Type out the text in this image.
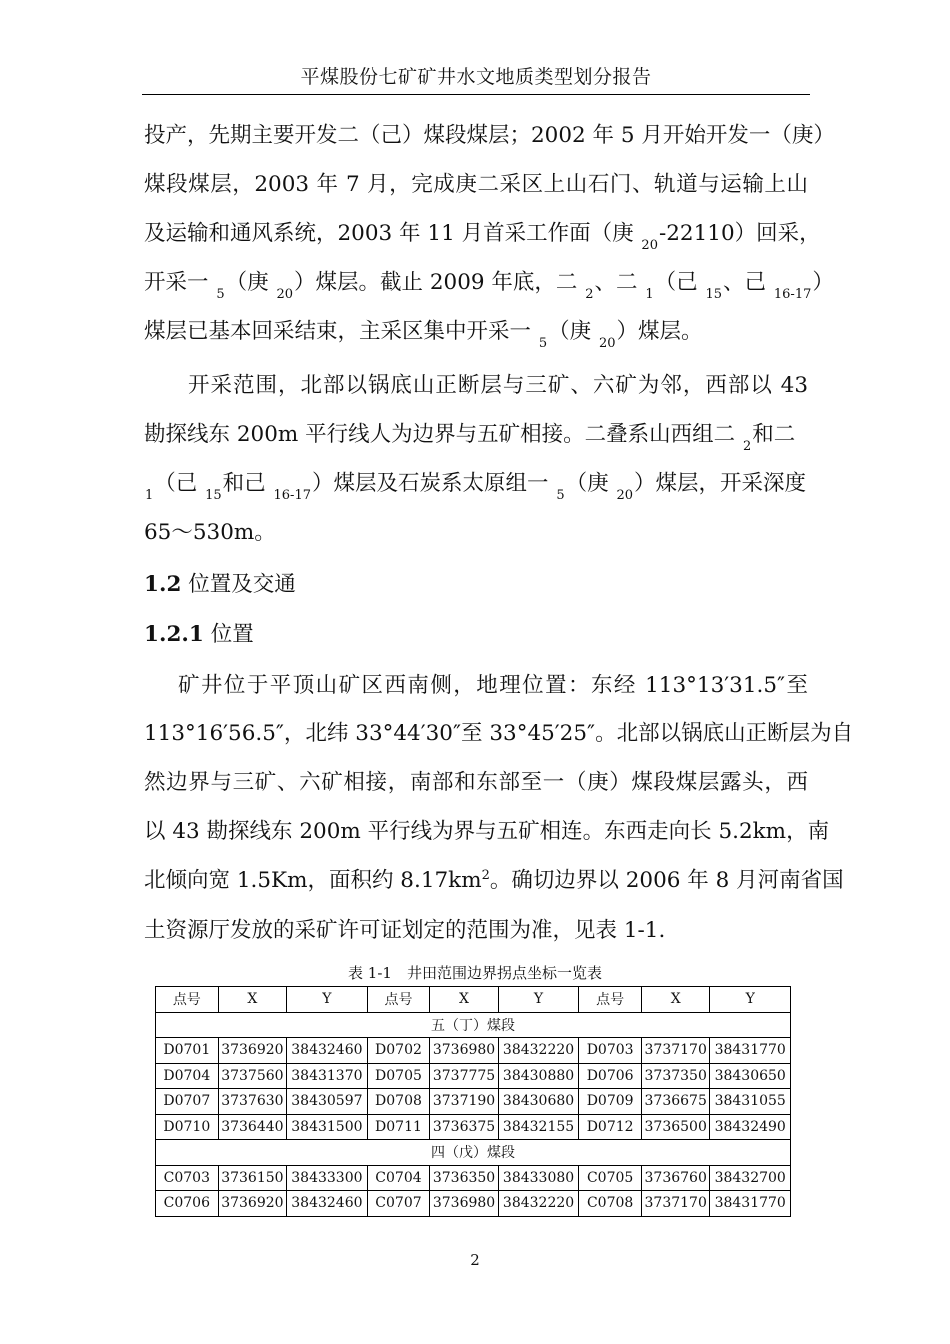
平煤股份七矿矿井水文地质类型划分报告
投产，先期主要开发二（己）煤段煤层；2002 年 5 月开始开发一（庚）
煤段煤层，2003 年 7 月，完成庚二采区上山石门、轨道与运输上山
及运输和通风系统，2003 年 11 月首采工作面（庚 $_{20}$-22110）回采，
开采一 $_5$（庚 $_{20}$）煤层。截止 2009 年底，二 $_2$、二 $_1$（己 $_{15}$、己 $_{16-17}$）
煤层已基本回采结束，主采区集中开采一 $_5$（庚 $_{20}$）煤层。
开采范围，北部以锅底山正断层与三矿、六矿为邻，西部以 43
勘探线东 200m 平行线人为边界与五矿相接。二叠系山西组二 $_2$和二
$_1$（己 $_{15}$和己 $_{16-17}$）煤层及石炭系太原组一 $_5$（庚 $_{20}$）煤层，开采深度
65～530m。
1.2 位置及交通
1.2.1 位置
矿井位于平顶山矿区西南侧，地理位置：东经 113°13′31.5″至
113°16′56.5″，北纬 33°44′30″至 33°45′25″。北部以锅底山正断层为自
然边界与三矿、六矿相接，南部和东部至一（庚）煤段煤层露头，西
以 43 勘探线东 200m 平行线为界与五矿相连。东西走向长 5.2km，南
北倾向宽 1.5Km，面积约 $8.17km^2$。确切边界以 2006 年 8 月河南省国
土资源厅发放的采矿许可证划定的范围为准，见表 1-1.
表 1-1　井田范围边界拐点坐标一览表
点号	X	Y	点号	X	Y	点号	X	Y
五（丁）煤段								
D0701	3736920	38432460	D0702	3736980	38432220	D0703	3737170	38431770
D0704	3737560	38431370	D0705	3737775	38430880	D0706	3737350	38430650
D0707	3737630	38430597	D0708	3737190	38430680	D0709	3736675	38431055
D0710	3736440	38431500	D0711	3736375	38432155	D0712	3736500	38432490
四（戊）煤段								
C0703	3736150	38433300	C0704	3736350	38433080	C0705	3736760	38432700
C0706	3736920	38432460	C0707	3736980	38432220	C0708	3737170	38431770
2
